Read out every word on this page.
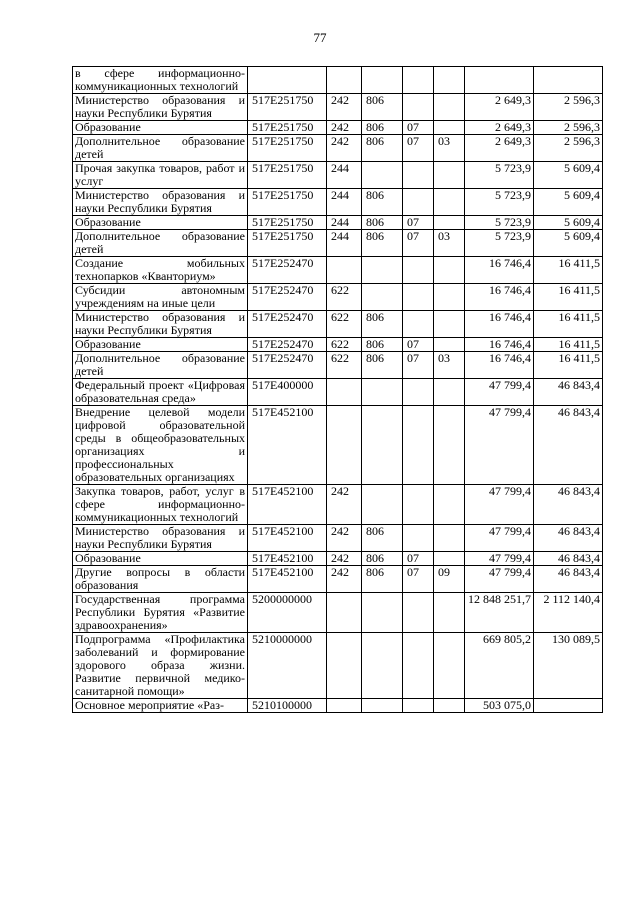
77
в сфере информационно-коммуникационных технологий							
Министерство образования и науки Республики Бурятия	517E251750	242	806			2 649,3	2 596,3
Образование	517E251750	242	806	07		2 649,3	2 596,3
Дополнительное образование детей	517E251750	242	806	07	03	2 649,3	2 596,3
Прочая закупка товаров, работ и услуг	517E251750	244				5 723,9	5 609,4
Министерство образования и науки Республики Бурятия	517E251750	244	806			5 723,9	5 609,4
Образование	517E251750	244	806	07		5 723,9	5 609,4
Дополнительное образование детей	517E251750	244	806	07	03	5 723,9	5 609,4
Создание мобильных технопарков «Кванториум»	517E252470					16 746,4	16 411,5
Субсидии автономным учреждениям на иные цели	517E252470	622				16 746,4	16 411,5
Министерство образования и науки Республики Бурятия	517E252470	622	806			16 746,4	16 411,5
Образование	517E252470	622	806	07		16 746,4	16 411,5
Дополнительное образование детей	517E252470	622	806	07	03	16 746,4	16 411,5
Федеральный проект «Цифровая образовательная среда»	517E400000					47 799,4	46 843,4
Внедрение целевой модели цифровой образовательной среды в общеобразовательных организациях и профессиональных образовательных организациях	517E452100					47 799,4	46 843,4
Закупка товаров, работ, услуг в сфере информационно-коммуникационных технологий	517E452100	242				47 799,4	46 843,4
Министерство образования и науки Республики Бурятия	517E452100	242	806			47 799,4	46 843,4
Образование	517E452100	242	806	07		47 799,4	46 843,4
Другие вопросы в области образования	517E452100	242	806	07	09	47 799,4	46 843,4
Государственная программа Республики Бурятия «Развитие здравоохранения»	5200000000					12 848 251,7	2 112 140,4
Подпрограмма «Профилактика заболеваний и формирование здорового образа жизни. Развитие первичной медико-санитарной помощи»	5210000000					669 805,2	130 089,5
Основное мероприятие «Раз-	5210100000					503 075,0	
